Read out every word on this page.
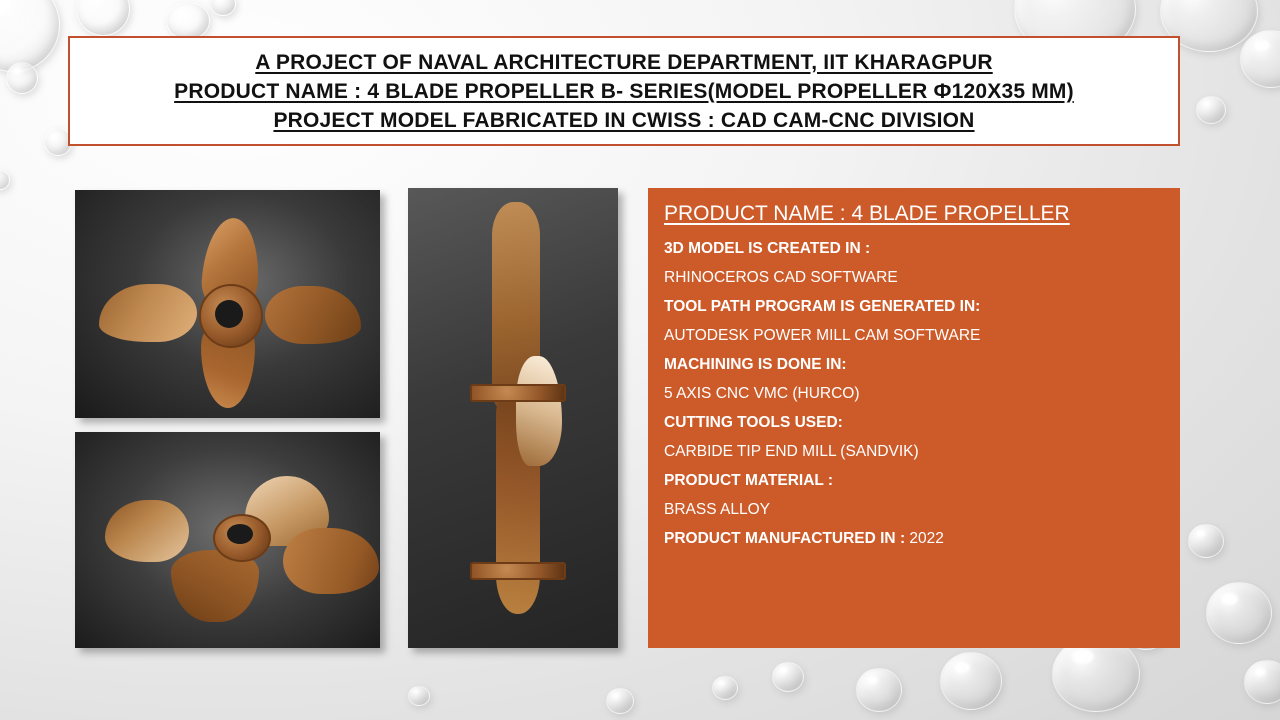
A PROJECT OF NAVAL ARCHITECTURE DEPARTMENT, IIT KHARAGPUR
PRODUCT NAME : 4 BLADE PROPELLER B- SERIES(MODEL PROPELLER Ф120X35 MM)
PROJECT MODEL FABRICATED IN CWISS : CAD CAM-CNC DIVISION
PRODUCT NAME : 4 BLADE PROPELLER
3D MODEL IS CREATED IN :
RHINOCEROS CAD SOFTWARE
TOOL PATH PROGRAM IS GENERATED IN:
AUTODESK POWER MILL CAM SOFTWARE
MACHINING IS DONE IN:
5 AXIS CNC VMC (HURCO)
CUTTING TOOLS USED:
CARBIDE TIP END MILL (SANDVIK)
PRODUCT MATERIAL :
BRASS ALLOY
PRODUCT MANUFACTURED IN : 2022
